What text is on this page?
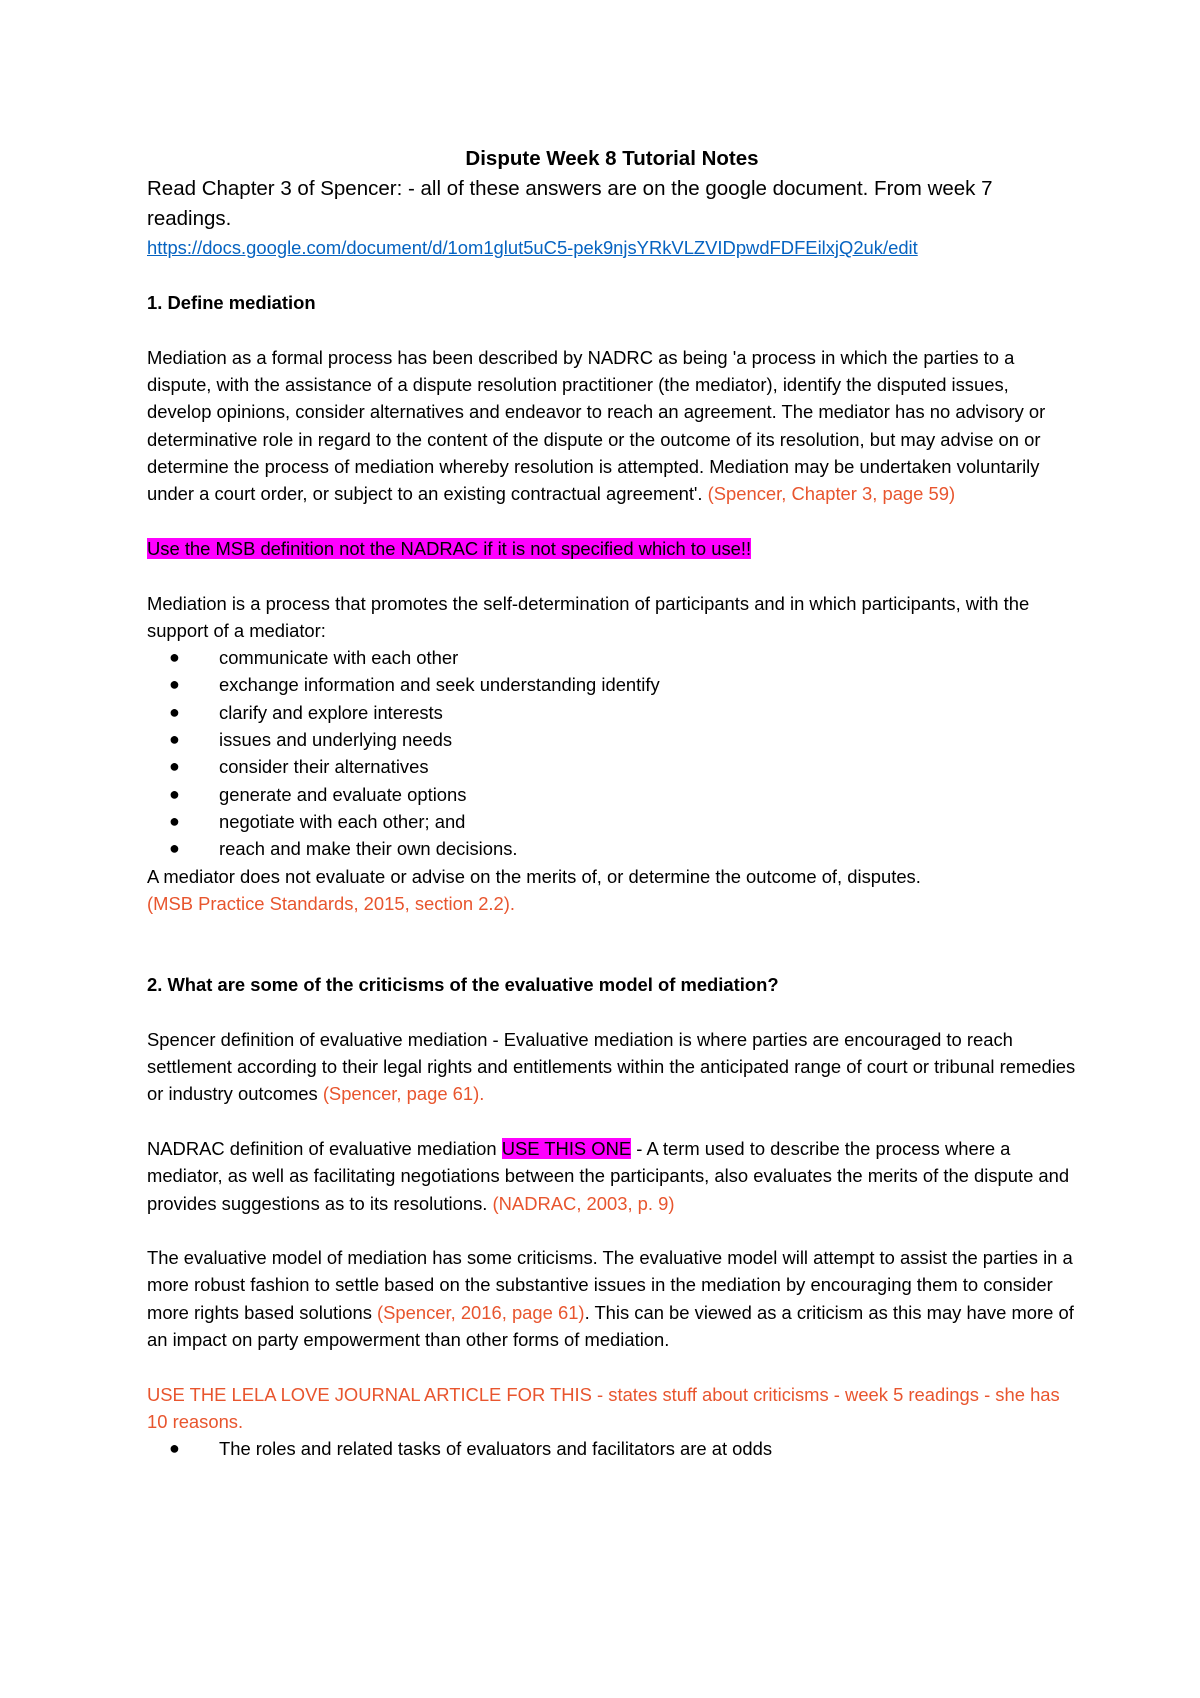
Dispute Week 8 Tutorial Notes
Read Chapter 3 of Spencer: - all of these answers are on the google document. From week 7 readings.
https://docs.google.com/document/d/1om1glut5uC5-pek9njsYRkVLZVIDpwdFDFEilxjQ2uk/edit

1. Define mediation

Mediation as a formal process has been described by NADRC as being 'a process in which the parties to a dispute, with the assistance of a dispute resolution practitioner (the mediator), identify the disputed issues, develop opinions, consider alternatives and endeavor to reach an agreement. The mediator has no advisory or determinative role in regard to the content of the dispute or the outcome of its resolution, but may advise on or determine the process of mediation whereby resolution is attempted. Mediation may be undertaken voluntarily under a court order, or subject to an existing contractual agreement'. (Spencer, Chapter 3, page 59)

Use the MSB definition not the NADRAC if it is not specified which to use!!

Mediation is a process that promotes the self-determination of participants and in which participants, with the support of a mediator:

● communicate with each other
● exchange information and seek understanding identify
● clarify and explore interests
● issues and underlying needs
● consider their alternatives
● generate and evaluate options
● negotiate with each other; and
● reach and make their own decisions.

A mediator does not evaluate or advise on the merits of, or determine the outcome of, disputes.

(MSB Practice Standards, 2015, section 2.2).

2. What are some of the criticisms of the evaluative model of mediation?

Spencer definition of evaluative mediation - Evaluative mediation is where parties are encouraged to reach settlement according to their legal rights and entitlements within the anticipated range of court or tribunal remedies or industry outcomes (Spencer, page 61).

NADRAC definition of evaluative mediation USE THIS ONE - A term used to describe the process where a mediator, as well as facilitating negotiations between the participants, also evaluates the merits of the dispute and provides suggestions as to its resolutions. (NADRAC, 2003, p. 9)

The evaluative model of mediation has some criticisms. The evaluative model will attempt to assist the parties in a more robust fashion to settle based on the substantive issues in the mediation by encouraging them to consider more rights based solutions (Spencer, 2016, page 61). This can be viewed as a criticism as this may have more of an impact on party empowerment than other forms of mediation.

USE THE LELA LOVE JOURNAL ARTICLE FOR THIS - states stuff about criticisms - week 5 readings - she has 10 reasons.

● The roles and related tasks of evaluators and facilitators are at odds
